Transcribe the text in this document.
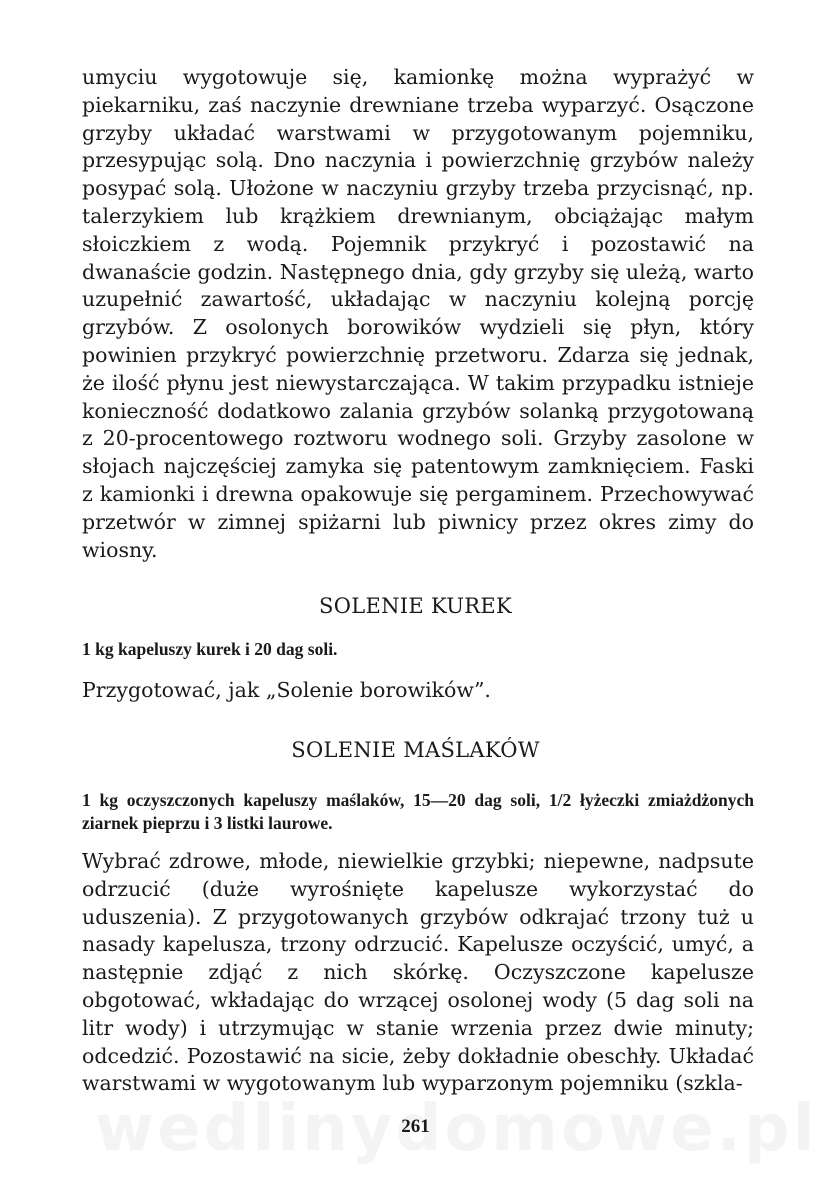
umyciu wygotowuje się, kamionkę można wyprażyć w piekarniku, zaś naczynie drewniane trzeba wyparzyć. Osączone grzyby układać warstwami w przygotowanym pojemniku, przesypując solą. Dno naczynia i powierzchnię grzybów należy posypać solą. Ułożone w naczyniu grzyby trzeba przycisnąć, np. talerzykiem lub krążkiem drewnianym, obciążając małym słoiczkiem z wodą. Pojemnik przykryć i pozostawić na dwanaście godzin. Następnego dnia, gdy grzyby się uleżą, warto uzupełnić zawartość, układając w naczyniu kolejną porcję grzybów. Z osolonych borowików wydzieli się płyn, który powinien przykryć powierzchnię przetworu. Zdarza się jednak, że ilość płynu jest niewystarczająca. W takim przypadku istnieje konieczność dodatkowo zalania grzybów solanką przygotowaną z 20-procentowego roztworu wodnego soli. Grzyby zasolone w słojach najczęściej zamyka się patentowym zamknięciem. Faski z kamionki i drewna opakowuje się pergaminem. Przechowywać przetwór w zimnej spiżarni lub piwnicy przez okres zimy do wiosny.
SOLENIE KUREK
1 kg kapeluszy kurek i 20 dag soli.
Przygotować, jak „Solenie borowików”.
SOLENIE MAŚLAKÓW
1 kg oczyszczonych kapeluszy maślaków, 15—20 dag soli, 1/2 łyżeczki zmiażdżonych ziarnek pieprzu i 3 listki laurowe.
Wybrać zdrowe, młode, niewielkie grzybki; niepewne, nadpsute odrzucić (duże wyrośnięte kapelusze wykorzystać do uduszenia). Z przygotowanych grzybów odkrajać trzony tuż u nasady kapelusza, trzony odrzucić. Kapelusze oczyścić, umyć, a następnie zdjąć z nich skórkę. Oczyszczone kapelusze obgotować, wkładając do wrzącej osolonej wody (5 dag soli na litr wody) i utrzymując w stanie wrzenia przez dwie minuty; odcedzić. Pozostawić na sicie, żeby dokładnie obeschły. Układać warstwami w wygotowanym lub wyparzonym pojemniku (szkla-
261
